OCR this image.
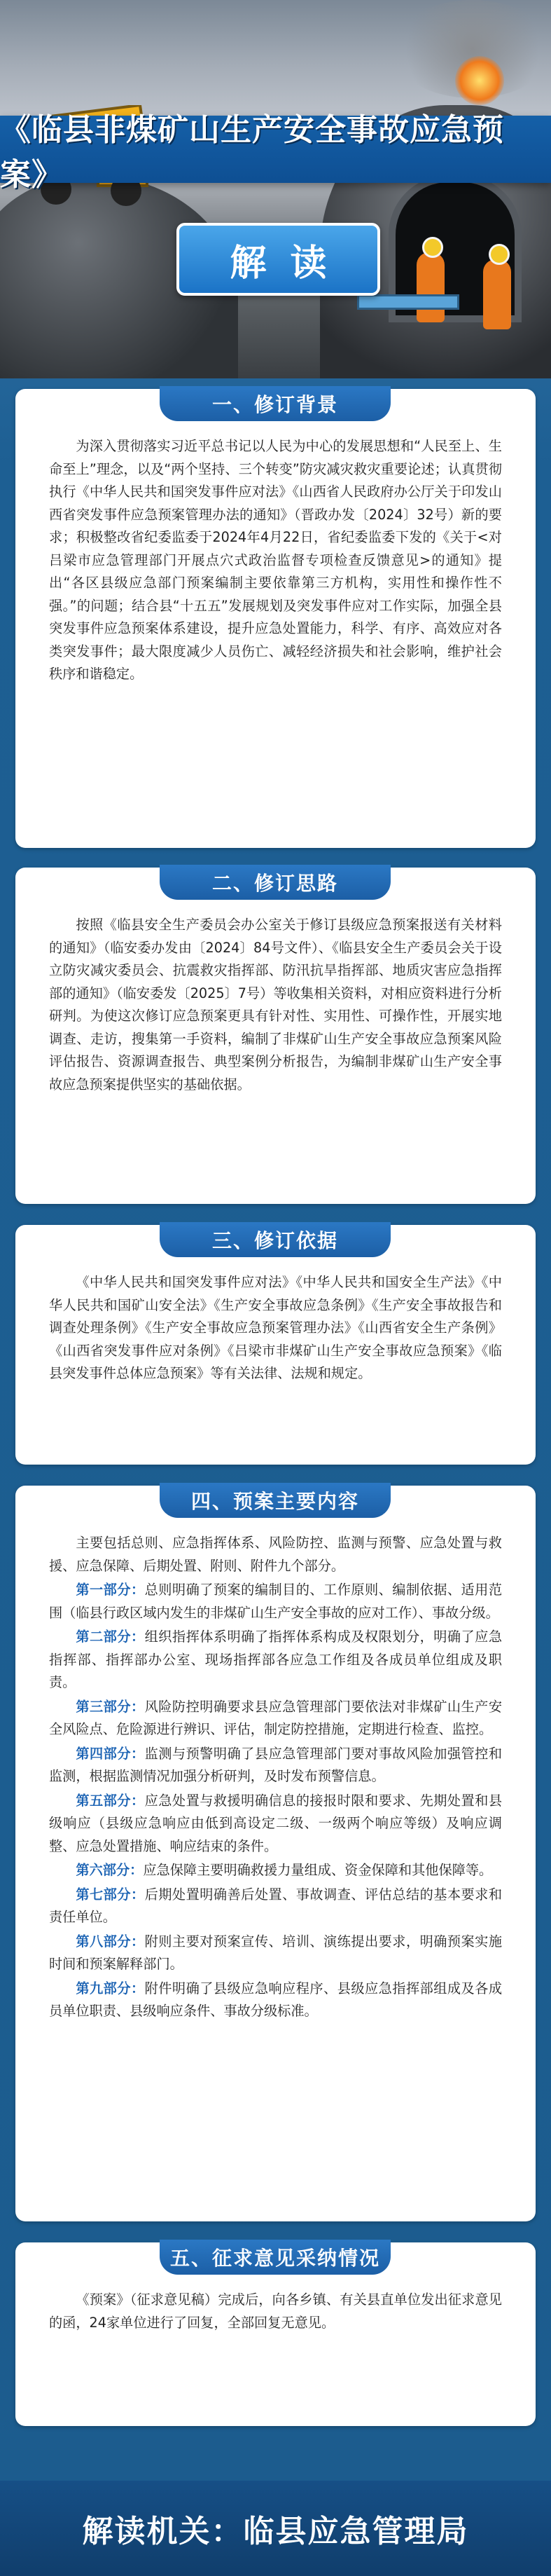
《临县非煤矿山生产安全事故应急预案》
解读
一、修订背景

为深入贯彻落实习近平总书记以人民为中心的发展思想和“人民至上、生命至上”理念，以及“两个坚持、三个转变”防灾减灾救灾重要论述；认真贯彻执行《中华人民共和国突发事件应对法》《山西省人民政府办公厅关于印发山西省突发事件应急预案管理办法的通知》（晋政办发〔2024〕32号）新的要求；积极整改省纪委监委于2024年4月22日，省纪委监委下发的《关于<对吕梁市应急管理部门开展点穴式政治监督专项检查反馈意见>的通知》提出“各区县级应急部门预案编制主要依靠第三方机构，实用性和操作性不强。”的问题；结合县“十五五”发展规划及突发事件应对工作实际，加强全县突发事件应急预案体系建设，提升应急处置能力，科学、有序、高效应对各类突发事件；最大限度减少人员伤亡、减轻经济损失和社会影响，维护社会秩序和谐稳定。

二、修订思路

按照《临县安全生产委员会办公室关于修订县级应急预案报送有关材料的通知》（临安委办发由〔2024〕84号文件）、《临县安全生产委员会关于设立防灾减灾委员会、抗震救灾指挥部、防汛抗旱指挥部、地质灾害应急指挥部的通知》（临安委发〔2025〕7号）等收集相关资料，对相应资料进行分析研判。为使这次修订应急预案更具有针对性、实用性、可操作性，开展实地调查、走访，搜集第一手资料，编制了非煤矿山生产安全事故应急预案风险评估报告、资源调查报告、典型案例分析报告，为编制非煤矿山生产安全事故应急预案提供坚实的基础依据。

三、修订依据

《中华人民共和国突发事件应对法》《中华人民共和国安全生产法》《中华人民共和国矿山安全法》《生产安全事故应急条例》《生产安全事故报告和调查处理条例》《生产安全事故应急预案管理办法》《山西省安全生产条例》《山西省突发事件应对条例》《吕梁市非煤矿山生产安全事故应急预案》《临县突发事件总体应急预案》等有关法律、法规和规定。

四、预案主要内容

主要包括总则、应急指挥体系、风险防控、监测与预警、应急处置与救援、应急保障、后期处置、附则、附件九个部分。

第一部分：总则明确了预案的编制目的、工作原则、编制依据、适用范围（临县行政区域内发生的非煤矿山生产安全事故的应对工作）、事故分级。

第二部分：组织指挥体系明确了指挥体系构成及权限划分，明确了应急指挥部、指挥部办公室、现场指挥部各应急工作组及各成员单位组成及职责。

第三部分：风险防控明确要求县应急管理部门要依法对非煤矿山生产安全风险点、危险源进行辨识、评估，制定防控措施，定期进行检查、监控。

第四部分：监测与预警明确了县应急管理部门要对事故风险加强管控和监测，根据监测情况加强分析研判，及时发布预警信息。

第五部分：应急处置与救援明确信息的接报时限和要求、先期处置和县级响应（县级应急响应由低到高设定二级、一级两个响应等级）及响应调整、应急处置措施、响应结束的条件。

第六部分：应急保障主要明确救援力量组成、资金保障和其他保障等。

第七部分：后期处置明确善后处置、事故调查、评估总结的基本要求和责任单位。

第八部分：附则主要对预案宣传、培训、演练提出要求，明确预案实施时间和预案解释部门。

第九部分：附件明确了县级应急响应程序、县级应急指挥部组成及各成员单位职责、县级响应条件、事故分级标准。

五、征求意见采纳情况

《预案》（征求意见稿）完成后，向各乡镇、有关县直单位发出征求意见的函，24家单位进行了回复，全部回复无意见。

解读机关：临县应急管理局
